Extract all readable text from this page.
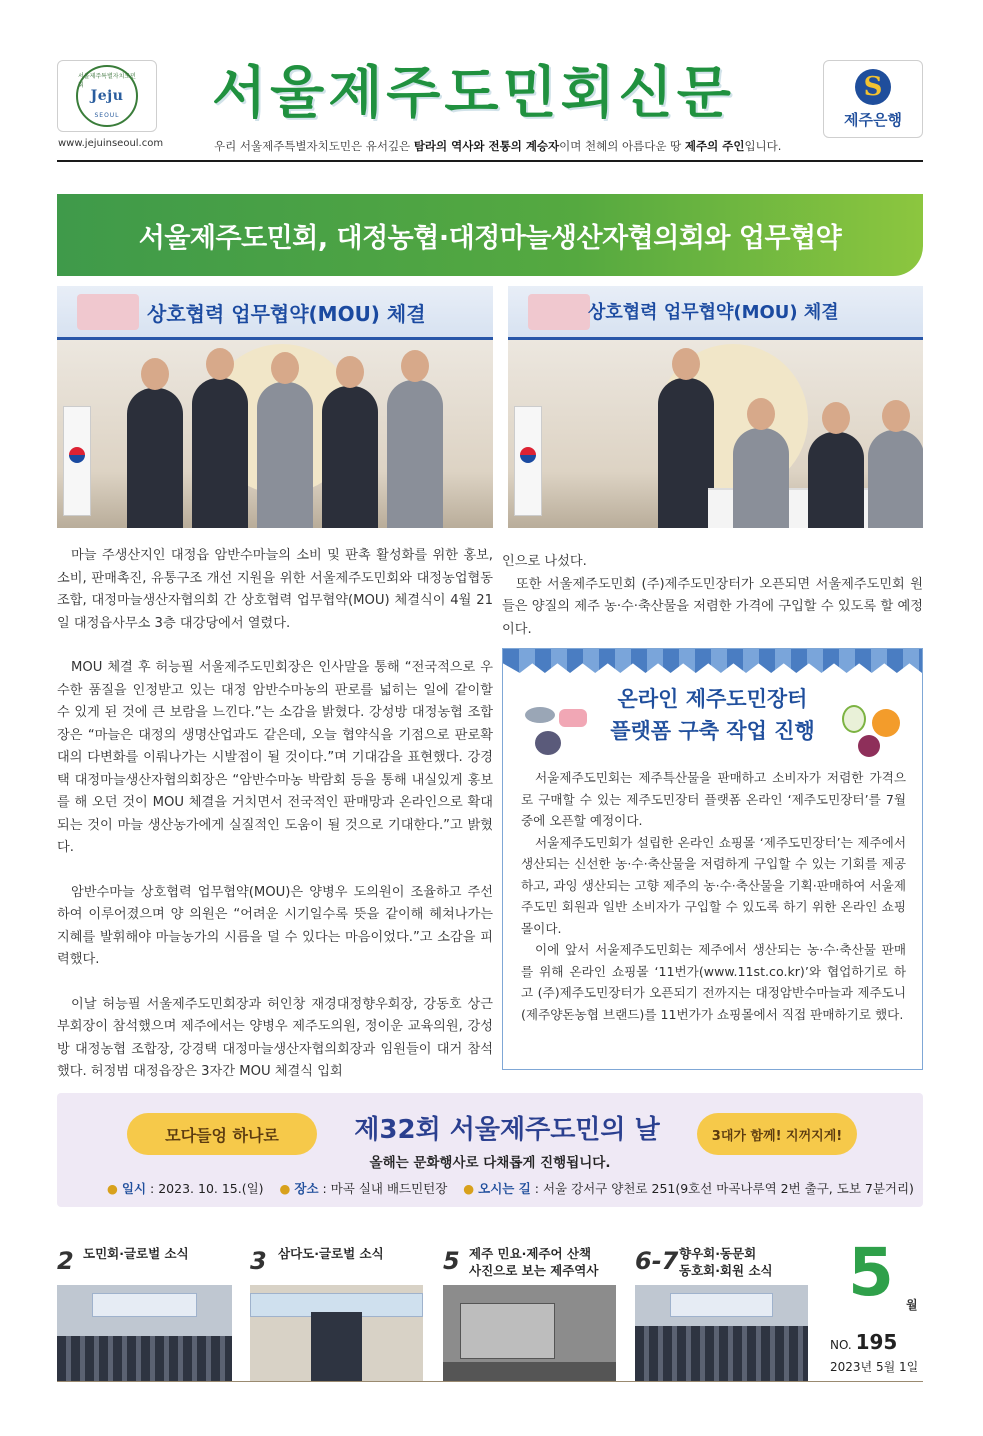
서울제주특별자치도민회
Jeju
SEOUL
www.jejuinseoul.com
서울제주도민회신문
우리 서울제주특별자치도민은 유서깊은 탐라의 역사와 전통의 계승자이며 천혜의 아름다운 땅 제주의 주인입니다.
S
제주은행
서울제주도민회, 대정농협·대정마늘생산자협의회와 업무협약
상호협력 업무협약(MOU) 체결	상호협력 업무협약(MOU) 체결

마늘 주생산지인 대정읍 암반수마늘의 소비 및 판촉 활성화를 위한 홍보, 소비, 판매촉진, 유통구조 개선 지원을 위한 서울제주도민회와 대정농업협동조합, 대정마늘생산자협의회 간 상호협력 업무협약(MOU) 체결식이 4월 21일 대정읍사무소 3층 대강당에서 열렸다.

MOU 체결 후 허능필 서울제주도민회장은 인사말을 통해 “전국적으로 우수한 품질을 인정받고 있는 대정 암반수마농의 판로를 넓히는 일에 같이할 수 있게 된 것에 큰 보람을 느낀다.”는 소감을 밝혔다. 강성방 대정농협 조합장은 “마늘은 대정의 생명산업과도 같은데, 오늘 협약식을 기점으로 판로확대의 다변화를 이뤄나가는 시발점이 될 것이다.”며 기대감을 표현했다. 강경택 대정마늘생산자협의회장은 “암반수마농 박람회 등을 통해 내실있게 홍보를 해 오던 것이 MOU 체결을 거치면서 전국적인 판매망과 온라인으로 확대되는 것이 마늘 생산농가에게 실질적인 도움이 될 것으로 기대한다.”고 밝혔다.

암반수마늘 상호협력 업무협약(MOU)은 양병우 도의원이 조율하고 주선하여 이루어졌으며 양 의원은 “어려운 시기일수록 뜻을 같이해 헤쳐나가는 지혜를 발휘해야 마늘농가의 시름을 덜 수 있다는 마음이었다.”고 소감을 피력했다.

이날 허능필 서울제주도민회장과 허인창 재경대정향우회장, 강동호 상근부회장이 참석했으며 제주에서는 양병우 제주도의원, 정이운 교육의원, 강성방 대정농협 조합장, 강경택 대정마늘생산자협의회장과 임원들이 대거 참석했다. 허정범 대정읍장은 3자간 MOU 체결식 입회

인으로 나섰다.

또한 서울제주도민회 (주)제주도민장터가 오픈되면 서울제주도민회 원들은 양질의 제주 농·수·축산물을 저렴한 가격에 구입할 수 있도록 할 예정이다.

온라인 제주도민장터
플랫폼 구축 작업 진행

서울제주도민회는 제주특산물을 판매하고 소비자가 저렴한 가격으로 구매할 수 있는 제주도민장터 플랫폼 온라인 ‘제주도민장터’를 7월 중에 오픈할 예정이다.

서울제주도민회가 설립한 온라인 쇼핑몰 ‘제주도민장터’는 제주에서 생산되는 신선한 농·수·축산물을 저렴하게 구입할 수 있는 기회를 제공하고, 과잉 생산되는 고향 제주의 농·수·축산물을 기획·판매하여 서울제주도민 회원과 일반 소비자가 구입할 수 있도록 하기 위한 온라인 쇼핑몰이다.

이에 앞서 서울제주도민회는 제주에서 생산되는 농·수·축산물 판매를 위해 온라인 쇼핑몰 ‘11번가(www.11st.co.kr)’와 협업하기로 하고 (주)제주도민장터가 오픈되기 전까지는 대정암반수마늘과 제주도니(제주양돈농협 브랜드)를 11번가가 쇼핑몰에서 직접 판매하기로 했다.

모다들엉 하나로	제32회 서울제주도민의 날	3대가 함께! 지꺼지게!
올해는 문화행사로 다채롭게 진행됩니다.
● 일시 : 2023. 10. 15.(일) ● 장소 : 마곡 실내 배드민턴장 ● 오시는 길 : 서울 강서구 양천로 251(9호선 마곡나루역 2번 출구, 도보 7분거리)
2 도민회·글로벌 소식	3 삼다도·글로벌 소식 5 제주 민요·제주어 산책
사진으로 보는 제주역사 6-7 향우회·동문회
동호회·회원 소식 5 월
NO. 195
2023년 5월 1일
